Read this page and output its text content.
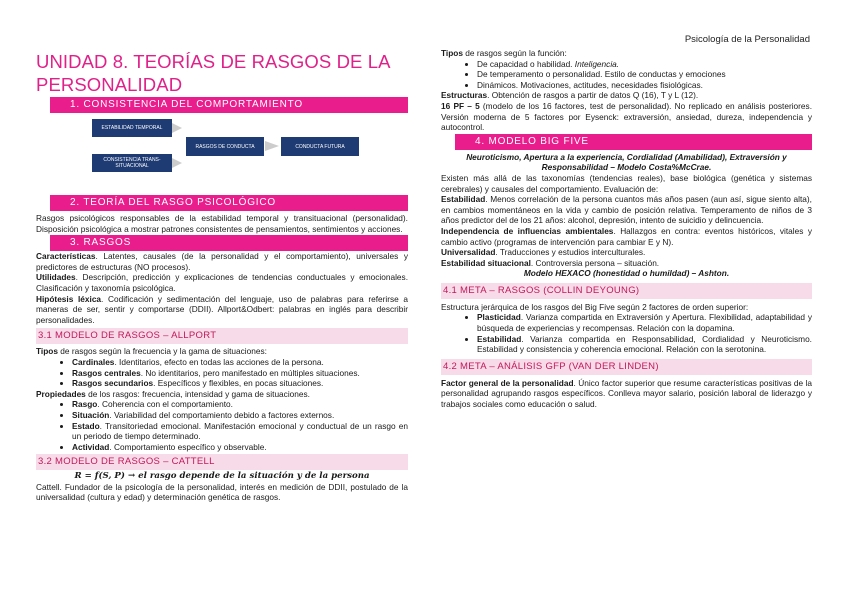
Psicología de la Personalidad
UNIDAD 8. TEORÍAS DE RASGOS DE LA PERSONALIDAD
1. CONSISTENCIA DEL COMPORTAMIENTO
ESTABILIDAD TEMPORAL
CONSISTENCIA TRANS-SITUACIONAL
RASGOS DE CONDUCTA	CONDUCTA FUTURA
2. TEORÍA DEL RASGO PSICOLÓGICO

Rasgos psicológicos responsables de la estabilidad temporal y transituacional (personalidad). Disposición psicológica a mostrar patrones consistentes de pensamientos, sentimientos y acciones.

3. RASGOS

Características. Latentes, causales (de la personalidad y el comportamiento), universales y predictores de estructuras (NO procesos).

Utilidades. Descripción, predicción y explicaciones de tendencias conductuales y emocionales. Clasificación y taxonomía psicológica.

Hipótesis léxica. Codificación y sedimentación del lenguaje, uso de palabras para referirse a maneras de ser, sentir y comportarse (DDII). Allport&Odbert: palabras en inglés para describir personalidades.

3.1 MODELO DE RASGOS – ALLPORT

Tipos de rasgos según la frecuencia y la gama de situaciones:

• Cardinales. Identitarios, efecto en todas las acciones de la persona.
• Rasgos centrales. No identitarios, pero manifestado en múltiples situaciones.
• Rasgos secundarios. Específicos y flexibles, en pocas situaciones.

Propiedades de los rasgos: frecuencia, intensidad y gama de situaciones.

• Rasgo. Coherencia con el comportamiento.
• Situación. Variabilidad del comportamiento debido a factores externos.
• Estado. Transitoriedad emocional. Manifestación emocional y conductual de un rasgo en un periodo de tiempo determinado.
• Actividad. Comportamiento específico y observable.
3.2 MODELO DE RASGOS – CATTELL

R = f(S, P) → el rasgo depende de la situación y de la persona

Cattell. Fundador de la psicología de la personalidad, interés en medición de DDII, postulado de la universalidad (cultura y edad) y determinación genética de rasgos.

Tipos de rasgos según la función:

• De capacidad o habilidad. Inteligencia.
• De temperamento o personalidad. Estilo de conductas y emociones
• Dinámicos. Motivaciones, actitudes, necesidades fisiológicas.

Estructuras. Obtención de rasgos a partir de datos Q (16), T y L (12).

16 PF – 5 (modelo de los 16 factores, test de personalidad). No replicado en análisis posteriores. Versión moderna de 5 factores por Eysenck: extraversión, ansiedad, dureza, independencia y autocontrol.

4. MODELO BIG FIVE

Neuroticismo, Apertura a la experiencia, Cordialidad (Amabilidad), Extraversión y Responsabilidad – Modelo Costa%McCrae.

Existen más allá de las taxonomías (tendencias reales), base biológica (genética y sistemas cerebrales) y causales del comportamiento. Evaluación de:

Estabilidad. Menos correlación de la persona cuantos más años pasen (aun así, sigue siento alta), en cambios momentáneos en la vida y cambio de posición relativa. Temperamento de niños de 3 años predictor del de los 21 años: alcohol, depresión, intento de suicidio y delincuencia.

Independencia de influencias ambientales. Hallazgos en contra: eventos históricos, vitales y cambio activo (programas de intervención para cambiar E y N).

Universalidad. Traducciones y estudios interculturales.

Estabilidad situacional. Controversia persona – situación.

Modelo HEXACO (honestidad o humildad) – Ashton.

4.1 META – RASGOS (COLLIN DEYOUNG)

Estructura jerárquica de los rasgos del Big Five según 2 factores de orden superior:

• Plasticidad. Varianza compartida en Extraversión y Apertura. Flexibilidad, adaptabilidad y búsqueda de experiencias y recompensas. Relación con la dopamina.
• Estabilidad. Varianza compartida en Responsabilidad, Cordialidad y Neuroticismo. Estabilidad y consistencia y coherencia emocional. Relación con la serotonina.
4.2 META – ANÁLISIS GFP (VAN DER LINDEN)

Factor general de la personalidad. Único factor superior que resume características positivas de la personalidad agrupando rasgos específicos. Conlleva mayor salario, posición laboral de liderazgo y trabajos sociales como educación o salud.
